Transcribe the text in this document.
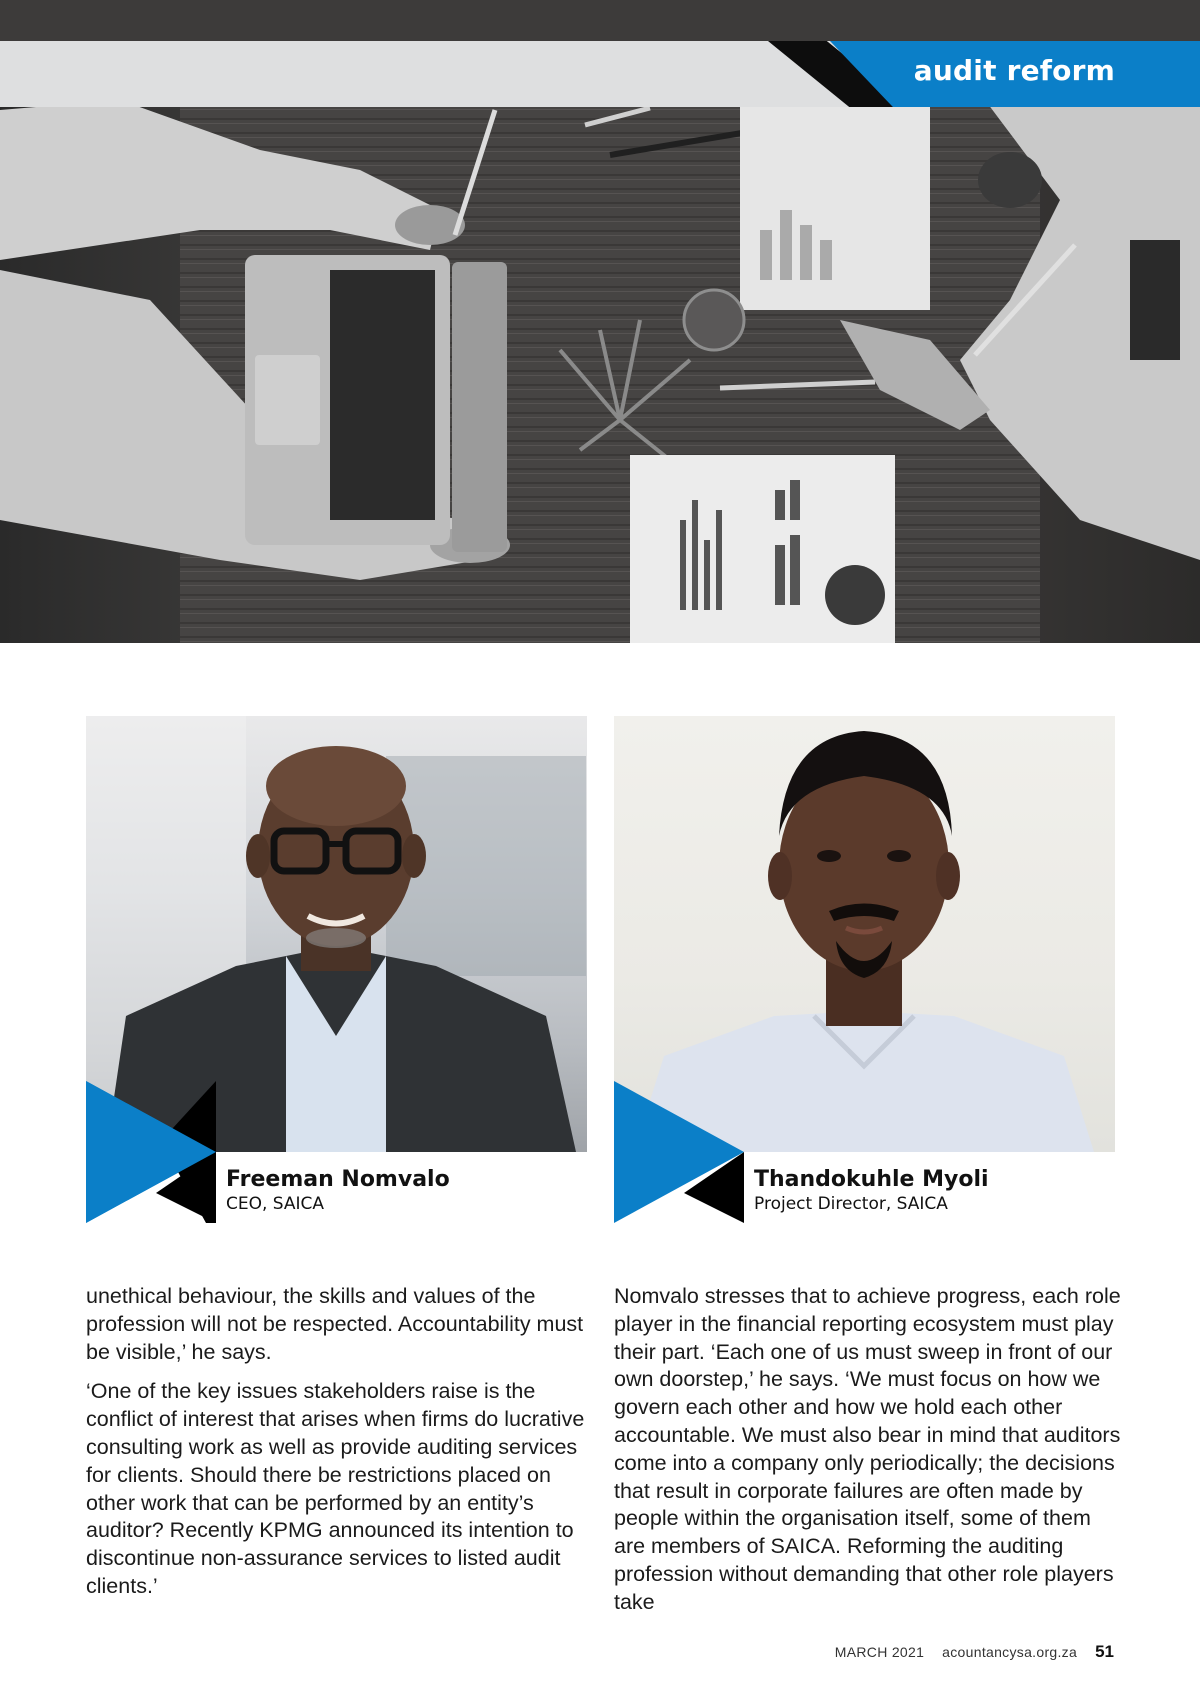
audit reform
Freeman Nomvalo
CEO, SAICA
Thandokuhle Myoli
Project Director, SAICA

unethical behaviour, the skills and values of the profession will not be respected. Accountability must be visible,’ he says.

‘One of the key issues stakeholders raise is the conflict of interest that arises when firms do lucrative consulting work as well as provide auditing services for clients. Should there be restrictions placed on other work that can be performed by an entity’s auditor? Recently KPMG announced its intention to discontinue non-assurance services to listed audit clients.’

Nomvalo stresses that to achieve progress, each role player in the financial reporting ecosystem must play their part. ‘Each one of us must sweep in front of our own doorstep,’ he says. ‘We must focus on how we govern each other and how we hold each other accountable. We must also bear in mind that auditors come into a company only periodically; the decisions that result in corporate failures are often made by people within the organisation itself, some of them are members of SAICA. Reforming the auditing profession without demanding that other role players take

MARCH 2021 acountancysa.org.za 51
